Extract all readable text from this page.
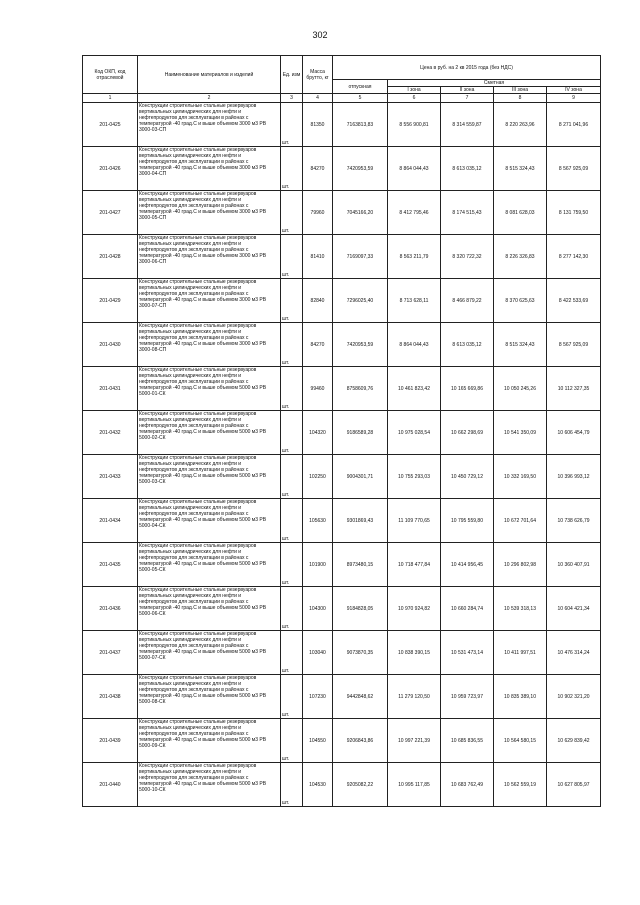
302
Код ОКП, код отраслевой	Наименование материалов и изделий	Ед. изм	Масса брутто, кг	Цена в руб. на 2 кв 2015 года (без НДС)				
				отпускная	Сметная			
					I зона	II зона	III зона	IV зона
1	2	3	4	5	6	7	8	9
201-0425	Конструкции строительные стальные резервуаров вертикальных цилиндрических для нефти и нефтепродуктов для эксплуатации в районах с температурой -40 град.С и выше объемом 3000 м3 РВ 3000-03-СП	шт.	81350	7163813,83	8 556 900,81	8 314 559,87	8 220 263,96	8 271 041,96
201-0426	Конструкции строительные стальные резервуаров вертикальных цилиндрических для нефти и нефтепродуктов для эксплуатации в районах с температурой -40 град.С и выше объемом 3000 м3 РВ 3000-04-СП	шт.	84270	7420953,59	8 864 044,43	8 613 035,12	8 515 324,43	8 567 925,09
201-0427	Конструкции строительные стальные резервуаров вертикальных цилиндрических для нефти и нефтепродуктов для эксплуатации в районах с температурой -40 град.С и выше объемом 3000 м3 РВ 3000-05-СП	шт.	79960	7045166,20	8 412 795,46	8 174 515,43	8 081 628,03	8 131 759,50
201-0428	Конструкции строительные стальные резервуаров вертикальных цилиндрических для нефти и нефтепродуктов для эксплуатации в районах с температурой -40 град.С и выше объемом 3000 м3 РВ 3000-06-СП	шт.	81410	7169097,33	8 563 211,79	8 320 722,32	8 226 326,83	8 277 142,30
201-0429	Конструкции строительные стальные резервуаров вертикальных цилиндрических для нефти и нефтепродуктов для эксплуатации в районах с температурой -40 град.С и выше объемом 3000 м3 РВ 3000-07-СП	шт.	82840	7296025,40	8 713 628,11	8 466 879,22	8 370 625,63	8 422 533,69
201-0430	Конструкции строительные стальные резервуаров вертикальных цилиндрических для нефти и нефтепродуктов для эксплуатации в районах с температурой -40 град.С и выше объемом 3000 м3 РВ 3000-08-СП	шт.	84270	7420953,59	8 864 044,43	8 613 035,12	8 515 324,43	8 567 925,09
201-0431	Конструкции строительные стальные резервуаров вертикальных цилиндрических для нефти и нефтепродуктов для эксплуатации в районах с температурой -40 град.С и выше объемом 5000 м3 РВ 5000-01-СК	шт.	99460	8758609,76	10 461 823,42	10 165 669,86	10 050 245,26	10 112 327,35
201-0432	Конструкции строительные стальные резервуаров вертикальных цилиндрических для нефти и нефтепродуктов для эксплуатации в районах с температурой -40 град.С и выше объемом 5000 м3 РВ 5000-02-СК	шт.	104320	9186589,28	10 975 028,54	10 662 298,69	10 541 350,09	10 606 454,79
201-0433	Конструкции строительные стальные резервуаров вертикальных цилиндрических для нефти и нефтепродуктов для эксплуатации в районах с температурой -40 град.С и выше объемом 5000 м3 РВ 5000-03-СК	шт.	102250	9004301,71	10 755 293,03	10 450 729,12	10 332 169,50	10 396 993,12
201-0434	Конструкции строительные стальные резервуаров вертикальных цилиндрических для нефти и нефтепродуктов для эксплуатации в районах с температурой -40 град.С и выше объемом 5000 м3 РВ 5000-04-СК	шт.	105630	9301869,43	11 109 770,65	10 795 559,80	10 672 701,64	10 738 626,79
201-0435	Конструкции строительные стальные резервуаров вертикальных цилиндрических для нефти и нефтепродуктов для эксплуатации в районах с температурой -40 град.С и выше объемом 5000 м3 РВ 5000-05-СК	шт.	101900	8973480,15	10 718 477,84	10 414 956,45	10 296 802,98	10 360 407,91
201-0436	Конструкции строительные стальные резервуаров вертикальных цилиндрических для нефти и нефтепродуктов для эксплуатации в районах с температурой -40 град.С и выше объемом 5000 м3 РВ 5000-06-СК	шт.	104300	9184828,05	10 970 924,82	10 660 284,74	10 539 318,13	10 604 421,34
201-0437	Конструкции строительные стальные резервуаров вертикальных цилиндрических для нефти и нефтепродуктов для эксплуатации в районах с температурой -40 град.С и выше объемом 5000 м3 РВ 5000-07-СК	шт.	103040	9073870,35	10 838 390,15	10 531 473,14	10 411 997,51	10 476 314,24
201-0438	Конструкции строительные стальные резервуаров вертикальных цилиндрических для нефти и нефтепродуктов для эксплуатации в районах с температурой -40 град.С и выше объемом 5000 м3 РВ 5000-08-СК	шт.	107230	9442848,62	11 279 120,50	10 959 723,97	10 835 389,10	10 902 321,20
201-0439	Конструкции строительные стальные резервуаров вертикальных цилиндрических для нефти и нефтепродуктов для эксплуатации в районах с температурой -40 град.С и выше объемом 5000 м3 РВ 5000-09-СК	шт.	104550	9206843,86	10 997 221,39	10 685 836,55	10 564 580,15	10 629 839,42
201-0440	Конструкции строительные стальные резервуаров вертикальных цилиндрических для нефти и нефтепродуктов для эксплуатации в районах с температурой -40 град.С и выше объемом 5000 м3 РВ 5000-10-СК	шт.	104530	9205082,22	10 995 117,85	10 683 762,49	10 562 559,19	10 627 805,97
